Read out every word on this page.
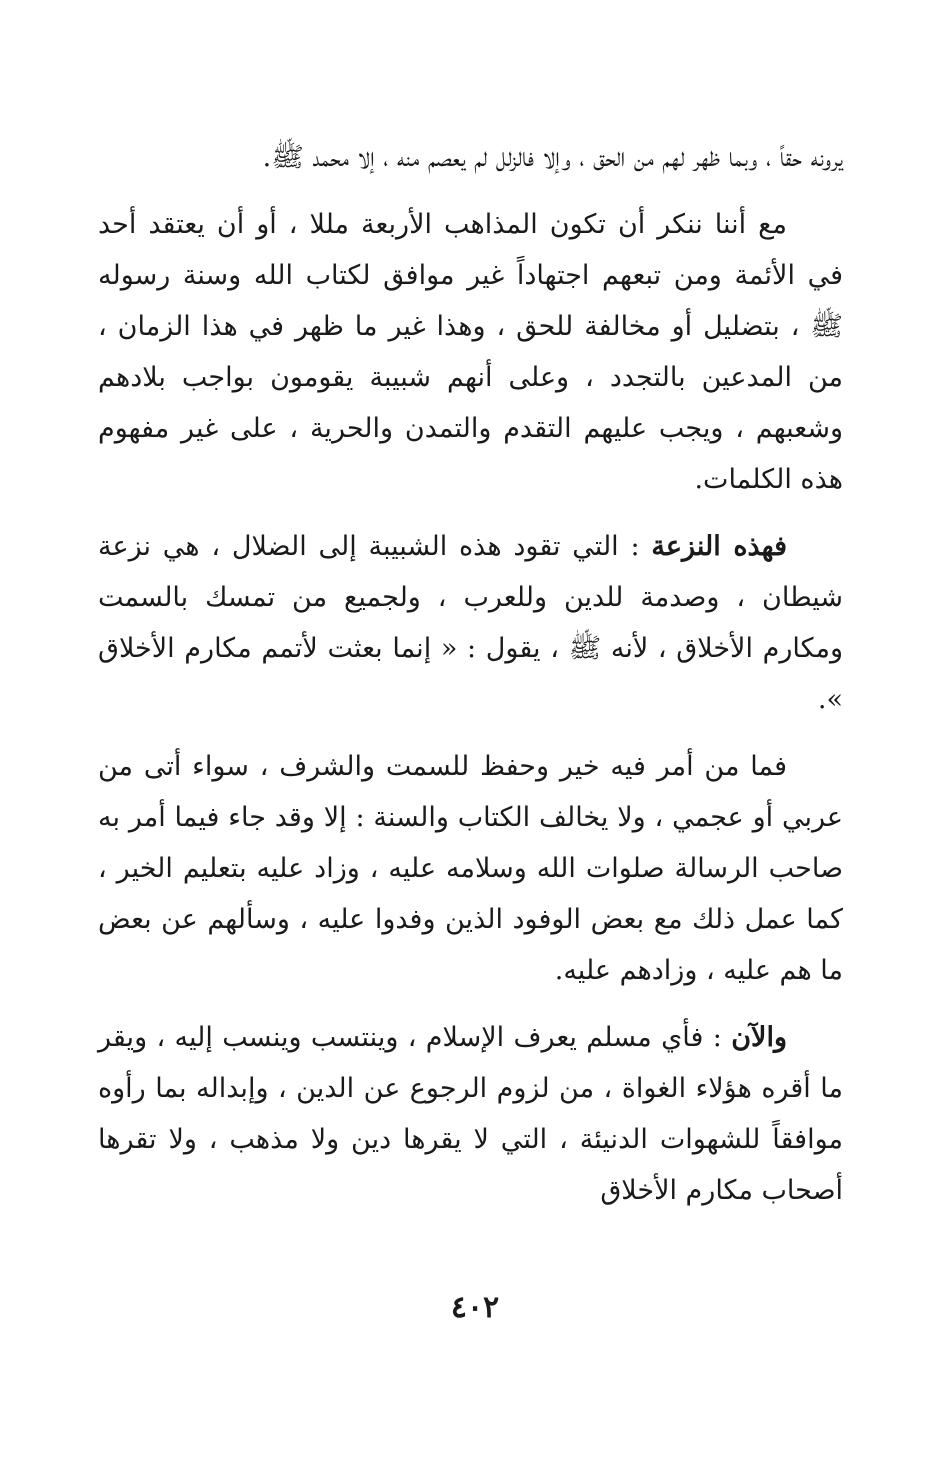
يرونه حقاً ، وبما ظهر لهم من الحق ، وإلا فالزلل لم يعصم منه ، إلا محمد ﷺ.

مع أننا ننكر أن تكون المذاهب الأربعة مللا ، أو أن يعتقد أحد في الأئمة ومن تبعهم اجتهاداً غير موافق لكتاب الله وسنة رسوله ﷺ ، بتضليل أو مخالفة للحق ، وهذا غير ما ظهر في هذا الزمان ، من المدعين بالتجدد ، وعلى أنهم شبيبة يقومون بواجب بلادهم وشعبهم ، ويجب عليهم التقدم والتمدن والحرية ، على غير مفهوم هذه الكلمات.

فهذه النزعة : التي تقود هذه الشبيبة إلى الضلال ، هي نزعة شيطان ، وصدمة للدين وللعرب ، ولجميع من تمسك بالسمت ومكارم الأخلاق ، لأنه ﷺ ، يقول : « إنما بعثت لأتمم مكارم الأخلاق ».

فما من أمر فيه خير وحفظ للسمت والشرف ، سواء أتى من عربي أو عجمي ، ولا يخالف الكتاب والسنة : إلا وقد جاء فيما أمر به صاحب الرسالة صلوات الله وسلامه عليه ، وزاد عليه بتعليم الخير ، كما عمل ذلك مع بعض الوفود الذين وفدوا عليه ، وسألهم عن بعض ما هم عليه ، وزادهم عليه.

والآن : فأي مسلم يعرف الإسلام ، وينتسب وينسب إليه ، ويقر ما أقره هؤلاء الغواة ، من لزوم الرجوع عن الدين ، وإبداله بما رأوه موافقاً للشهوات الدنيئة ، التي لا يقرها دين ولا مذهب ، ولا تقرها أصحاب مكارم الأخلاق

٤٠٢
